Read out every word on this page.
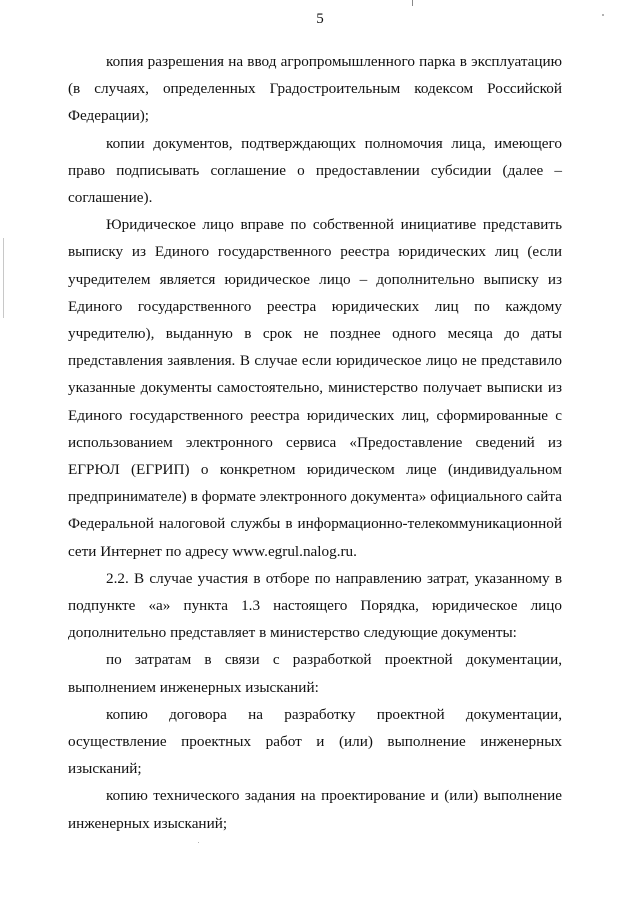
5

копия разрешения на ввод агропромышленного парка в эксплуатацию (в случаях, определенных Градостроительным кодексом Российской Федерации);

копии документов, подтверждающих полномочия лица, имеющего право подписывать соглашение о предоставлении субсидии (далее – соглашение).

Юридическое лицо вправе по собственной инициативе представить выписку из Единого государственного реестра юридических лиц (если учредителем является юридическое лицо – дополнительно выписку из Единого государственного реестра юридических лиц по каждому учредителю), выданную в срок не позднее одного месяца до даты представления заявления. В случае если юридическое лицо не представило указанные документы самостоятельно, министерство получает выписки из Единого государственного реестра юридических лиц, сформированные с использованием электронного сервиса «Предоставление сведений из ЕГРЮЛ (ЕГРИП) о конкретном юридическом лице (индивидуальном предпринимателе) в формате электронного документа» официального сайта Федеральной налоговой службы в информационно-телекоммуникационной сети Интернет по адресу www.egrul.nalog.ru.

2.2. В случае участия в отборе по направлению затрат, указанному в подпункте «а» пункта 1.3 настоящего Порядка, юридическое лицо дополнительно представляет в министерство следующие документы:

по затратам в связи с разработкой проектной документации, выполнением инженерных изысканий:

копию договора на разработку проектной документации, осуществление проектных работ и (или) выполнение инженерных изысканий;

копию технического задания на проектирование и (или) выполнение инженерных изысканий;
